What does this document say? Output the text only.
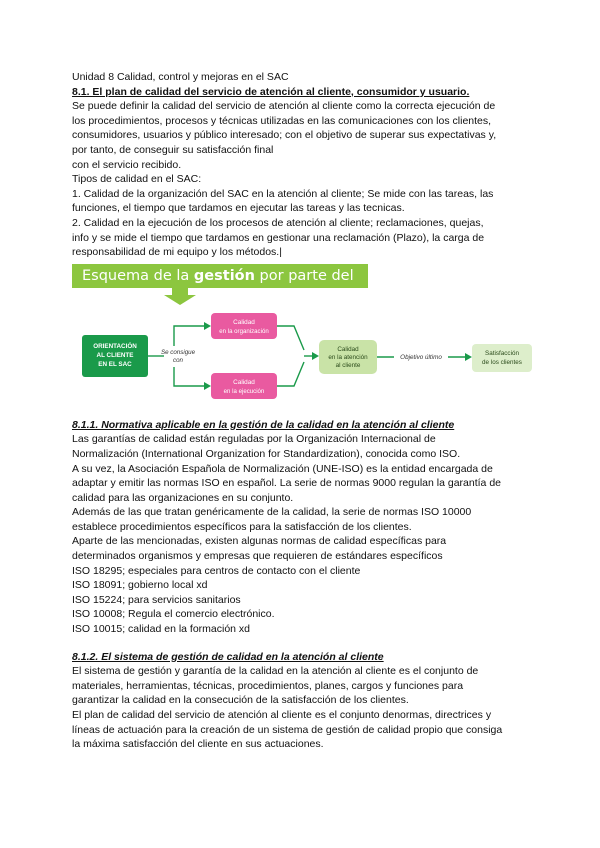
Unidad 8 Calidad, control y mejoras en el SAC
8.1. El plan de calidad del servicio de atención al cliente, consumidor y usuario.
Se puede definir la calidad del servicio de atención al cliente como la correcta ejecución de
los procedimientos, procesos y técnicas utilizadas en las comunicaciones con los clientes,
consumidores, usuarios y público interesado; con el objetivo de superar sus expectativas y,
por tanto, de conseguir su satisfacción final
con el servicio recibido.
Tipos de calidad en el SAC:
1. Calidad de la organización del SAC en la atención al cliente; Se mide con las tareas, las
funciones, el tiempo que tardamos en ejecutar las tareas y las tecnicas.
2. Calidad en la ejecución de los procesos de atención al cliente; reclamaciones, quejas,
info y se mide el tiempo que tardamos en gestionar una reclamación (Plazo), la carga de
responsabilidad de mi equipo y los métodos.|
Esquema de la gestión por parte del SAC:
ORIENTACIÓN
AL CLIENTE
EN EL SAC
Se consigue
con
Calidad
en la organización
Calidad
en la ejecución
Calidad
en la atención
al cliente
Objetivo último
Satisfacción
de los clientes
8.1.1. Normativa aplicable en la gestión de la calidad en la atención al cliente
Las garantías de calidad están reguladas por la Organización Internacional de
Normalización (International Organization for Standardization), conocida como ISO.
A su vez, la Asociación Española de Normalización (UNE-ISO) es la entidad encargada de
adaptar y emitir las normas ISO en español. La serie de normas 9000 regulan la garantía de
calidad para las organizaciones en su conjunto.
Además de las que tratan genéricamente de la calidad, la serie de normas ISO 10000
establece procedimientos específicos para la satisfacción de los clientes.
Aparte de las mencionadas, existen algunas normas de calidad específicas para
determinados organismos y empresas que requieren de estándares específicos
ISO 18295; especiales para centros de contacto con el cliente
ISO 18091; gobierno local xd
ISO 15224; para servicios sanitarios
ISO 10008; Regula el comercio electrónico.
ISO 10015; calidad en la formación xd
8.1.2. El sistema de gestión de calidad en la atención al cliente
El sistema de gestión y garantía de la calidad en la atención al cliente es el conjunto de
materiales, herramientas, técnicas, procedimientos, planes, cargos y funciones para
garantizar la calidad en la consecución de la satisfacción de los clientes.
El plan de calidad del servicio de atención al cliente es el conjunto denormas, directrices y
líneas de actuación para la creación de un sistema de gestión de calidad propio que consiga
la máxima satisfacción del cliente en sus actuaciones.
